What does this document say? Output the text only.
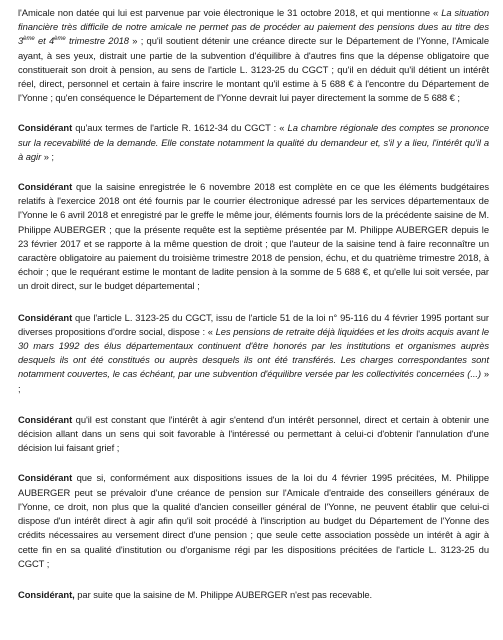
l'Amicale non datée qui lui est parvenue par voie électronique le 31 octobre 2018, et qui mentionne « La situation financière très difficile de notre amicale ne permet pas de procéder au paiement des pensions dues au titre des 3ème et 4ème trimestre 2018 » ; qu'il soutient détenir une créance directe sur le Département de l'Yonne, l'Amicale ayant, à ses yeux, distrait une partie de la subvention d'équilibre à d'autres fins que la dépense obligatoire que constituerait son droit à pension, au sens de l'article L. 3123-25 du CGCT ; qu'il en déduit qu'il détient un intérêt réel, direct, personnel et certain à faire inscrire le montant qu'il estime à 5 688 € à l'encontre du Département de l'Yonne ; qu'en conséquence le Département de l'Yonne devrait lui payer directement la somme de 5 688 € ;

Considérant qu'aux termes de l'article R. 1612-34 du CGCT : « La chambre régionale des comptes se prononce sur la recevabilité de la demande. Elle constate notamment la qualité du demandeur et, s'il y a lieu, l'intérêt qu'il a à agir » ;

Considérant que la saisine enregistrée le 6 novembre 2018 est complète en ce que les éléments budgétaires relatifs à l'exercice 2018 ont été fournis par le courrier électronique adressé par les services départementaux de l'Yonne le 6 avril 2018 et enregistré par le greffe le même jour, éléments fournis lors de la précédente saisine de M. Philippe AUBERGER ; que la présente requête est la septième présentée par M. Philippe AUBERGER depuis le 23 février 2017 et se rapporte à la même question de droit ; que l'auteur de la saisine tend à faire reconnaître un caractère obligatoire au paiement du troisième trimestre 2018 de pension, échu, et du quatrième trimestre 2018, à échoir ; que le requérant estime le montant de ladite pension à la somme de 5 688 €, et qu'elle lui soit versée, par un droit direct, sur le budget départemental ;

Considérant que l'article L. 3123-25 du CGCT, issu de l'article 51 de la loi n° 95-116 du 4 février 1995 portant sur diverses propositions d'ordre social, dispose : « Les pensions de retraite déjà liquidées et les droits acquis avant le 30 mars 1992 des élus départementaux continuent d'être honorés par les institutions et organismes auprès desquels ils ont été constitués ou auprès desquels ils ont été transférés. Les charges correspondantes sont notamment couvertes, le cas échéant, par une subvention d'équilibre versée par les collectivités concernées (...) » ;

Considérant qu'il est constant que l'intérêt à agir s'entend d'un intérêt personnel, direct et certain à obtenir une décision allant dans un sens qui soit favorable à l'intéressé ou permettant à celui-ci d'obtenir l'annulation d'une décision lui faisant grief ;

Considérant que si, conformément aux dispositions issues de la loi du 4 février 1995 précitées, M. Philippe AUBERGER peut se prévaloir d'une créance de pension sur l'Amicale d'entraide des conseillers généraux de l'Yonne, ce droit, non plus que la qualité d'ancien conseiller général de l'Yonne, ne peuvent établir que celui-ci dispose d'un intérêt direct à agir afin qu'il soit procédé à l'inscription au budget du Département de l'Yonne des crédits nécessaires au versement direct d'une pension ; que seule cette association possède un intérêt à agir à cette fin en sa qualité d'institution ou d'organisme régi par les dispositions précitées de l'article L. 3123-25 du CGCT ;

Considérant, par suite que la saisine de M. Philippe AUBERGER n'est pas recevable.
